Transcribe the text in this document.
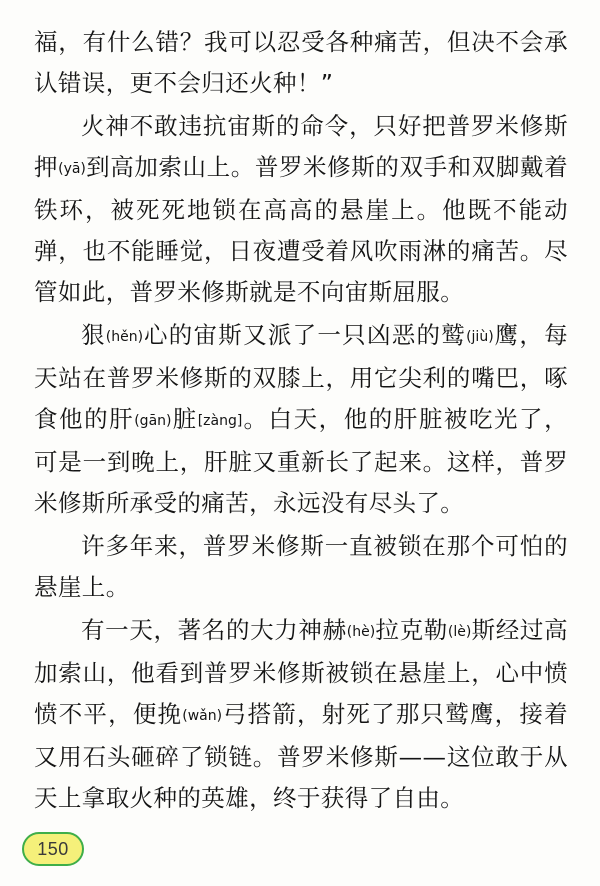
福，有什么错？我可以忍受各种痛苦，但决不会承认错误，更不会归还火种！”

火神不敢违抗宙斯的命令，只好把普罗米修斯押(yā)到高加索山上。普罗米修斯的双手和双脚戴着铁环，被死死地锁在高高的悬崖上。他既不能动弹，也不能睡觉，日夜遭受着风吹雨淋的痛苦。尽管如此，普罗米修斯就是不向宙斯屈服。

狠(hěn)心的宙斯又派了一只凶恶的鹫(jiù)鹰，每天站在普罗米修斯的双膝上，用它尖利的嘴巴，啄食他的肝(gān)脏[zàng]。白天，他的肝脏被吃光了，可是一到晚上，肝脏又重新长了起来。这样，普罗米修斯所承受的痛苦，永远没有尽头了。

许多年来，普罗米修斯一直被锁在那个可怕的悬崖上。

有一天，著名的大力神赫(hè)拉克勒(lè)斯经过高加索山，他看到普罗米修斯被锁在悬崖上，心中愤愤不平，便挽(wǎn)弓搭箭，射死了那只鹫鹰，接着又用石头砸碎了锁链。普罗米修斯——这位敢于从天上拿取火种的英雄，终于获得了自由。

150
